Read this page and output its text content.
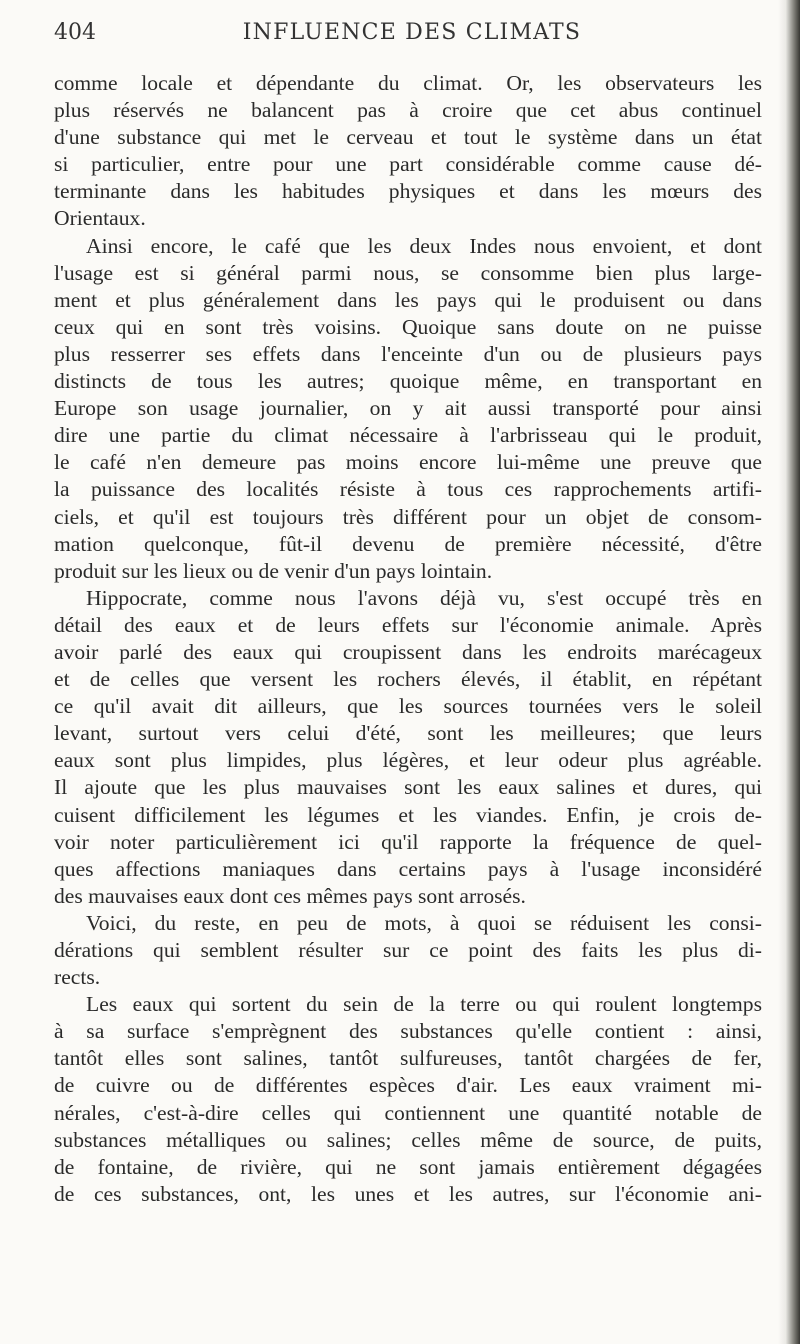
404	INFLUENCE DES CLIMATS
comme locale et dépendante du climat. Or, les observateurs les
plus réservés ne balancent pas à croire que cet abus continuel
d'une substance qui met le cerveau et tout le système dans un état
si particulier, entre pour une part considérable comme cause dé-
terminante dans les habitudes physiques et dans les mœurs des
Orientaux.
Ainsi encore, le café que les deux Indes nous envoient, et dont
l'usage est si général parmi nous, se consomme bien plus large-
ment et plus généralement dans les pays qui le produisent ou dans
ceux qui en sont très voisins. Quoique sans doute on ne puisse
plus resserrer ses effets dans l'enceinte d'un ou de plusieurs pays
distincts de tous les autres; quoique même, en transportant en
Europe son usage journalier, on y ait aussi transporté pour ainsi
dire une partie du climat nécessaire à l'arbrisseau qui le produit,
le café n'en demeure pas moins encore lui-même une preuve que
la puissance des localités résiste à tous ces rapprochements artifi-
ciels, et qu'il est toujours très différent pour un objet de consom-
mation quelconque, fût-il devenu de première nécessité, d'être
produit sur les lieux ou de venir d'un pays lointain.
Hippocrate, comme nous l'avons déjà vu, s'est occupé très en
détail des eaux et de leurs effets sur l'économie animale. Après
avoir parlé des eaux qui croupissent dans les endroits marécageux
et de celles que versent les rochers élevés, il établit, en répétant
ce qu'il avait dit ailleurs, que les sources tournées vers le soleil
levant, surtout vers celui d'été, sont les meilleures; que leurs
eaux sont plus limpides, plus légères, et leur odeur plus agréable.
Il ajoute que les plus mauvaises sont les eaux salines et dures, qui
cuisent difficilement les légumes et les viandes. Enfin, je crois de-
voir noter particulièrement ici qu'il rapporte la fréquence de quel-
ques affections maniaques dans certains pays à l'usage inconsidéré
des mauvaises eaux dont ces mêmes pays sont arrosés.
Voici, du reste, en peu de mots, à quoi se réduisent les consi-
dérations qui semblent résulter sur ce point des faits les plus di-
rects.
Les eaux qui sortent du sein de la terre ou qui roulent longtemps
à sa surface s'emprègnent des substances qu'elle contient : ainsi,
tantôt elles sont salines, tantôt sulfureuses, tantôt chargées de fer,
de cuivre ou de différentes espèces d'air. Les eaux vraiment mi-
nérales, c'est-à-dire celles qui contiennent une quantité notable de
substances métalliques ou salines; celles même de source, de puits,
de fontaine, de rivière, qui ne sont jamais entièrement dégagées
de ces substances, ont, les unes et les autres, sur l'économie ani-
